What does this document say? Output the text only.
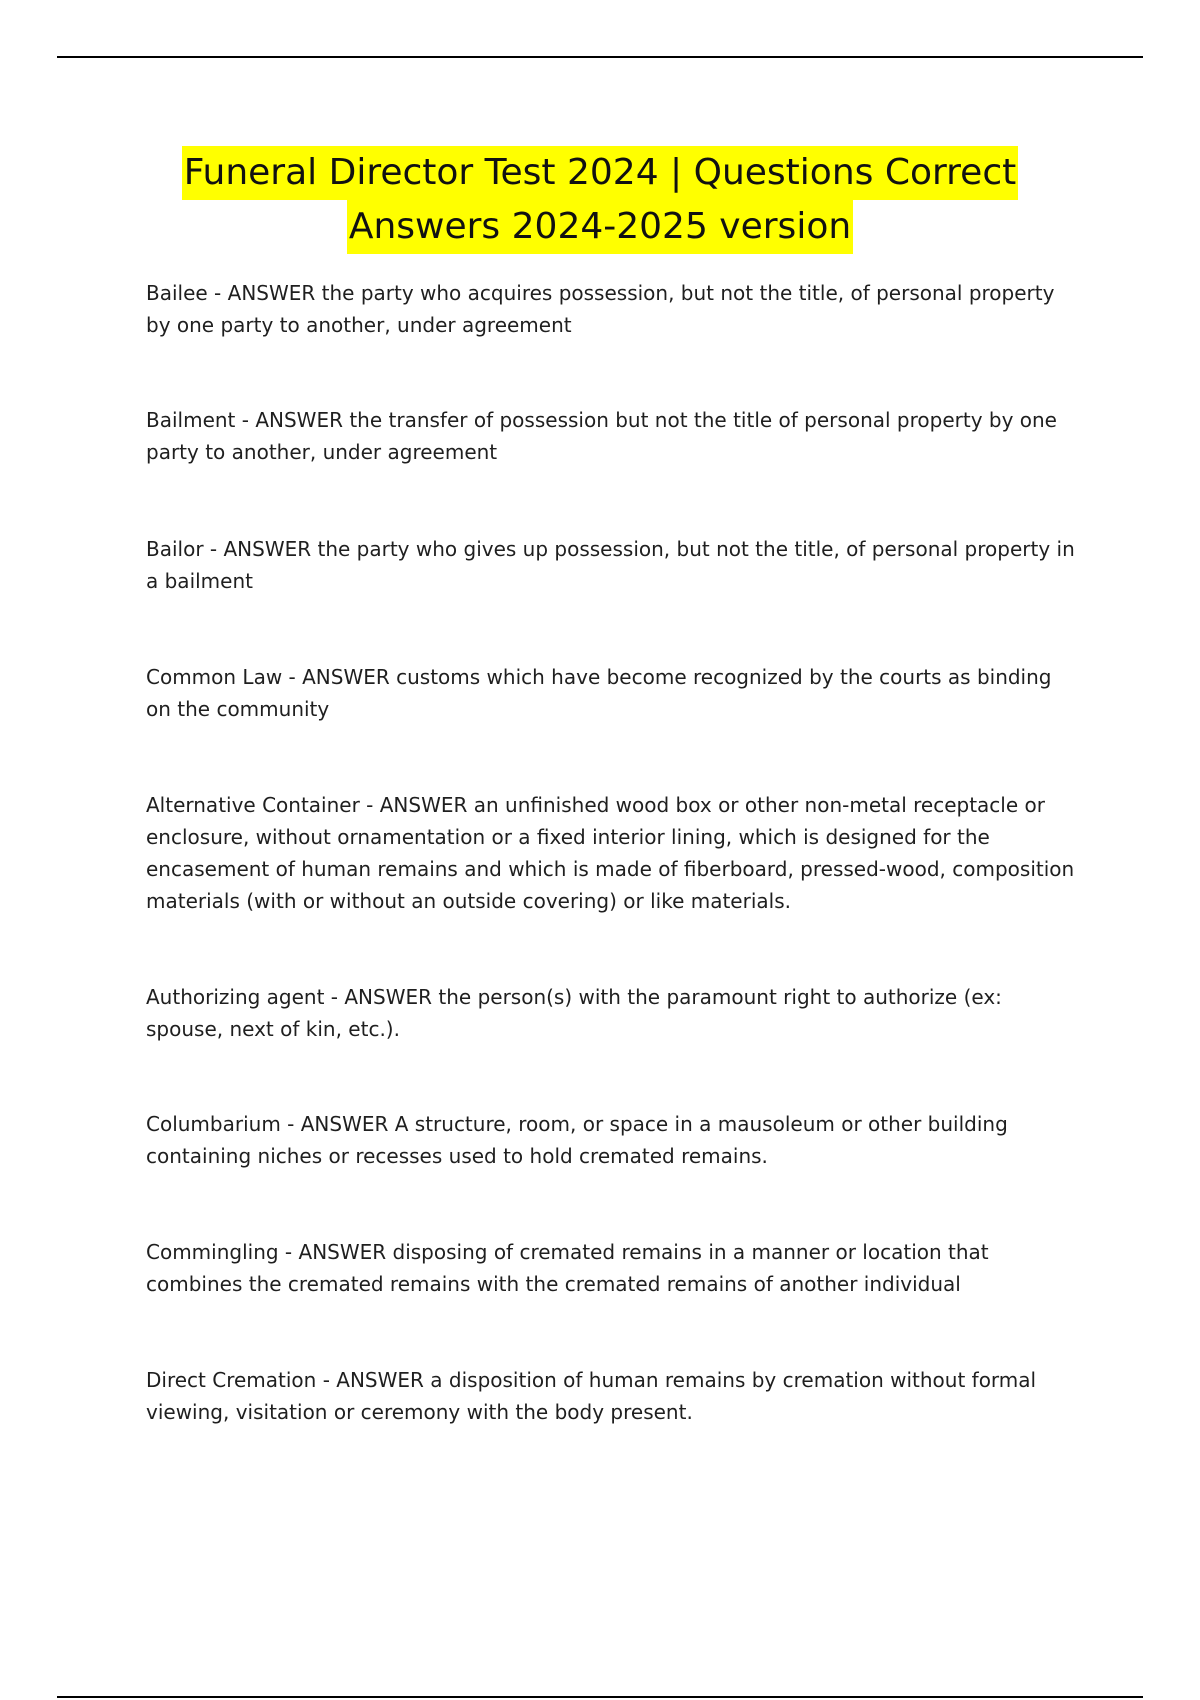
Funeral Director Test 2024 | Questions Correct
Answers 2024-2025 version

Bailee - ANSWER the party who acquires possession, but not the title, of personal property by one party to another, under agreement

Bailment - ANSWER the transfer of possession but not the title of personal property by one party to another, under agreement

Bailor - ANSWER the party who gives up possession, but not the title, of personal property in a bailment

Common Law - ANSWER customs which have become recognized by the courts as binding on the community

Alternative Container - ANSWER an unfinished wood box or other non-metal receptacle or enclosure, without ornamentation or a fixed interior lining, which is designed for the encasement of human remains and which is made of fiberboard, pressed-wood, composition materials (with or without an outside covering) or like materials.

Authorizing agent - ANSWER the person(s) with the paramount right to authorize (ex: spouse, next of kin, etc.).

Columbarium - ANSWER A structure, room, or space in a mausoleum or other building containing niches or recesses used to hold cremated remains.

Commingling - ANSWER disposing of cremated remains in a manner or location that combines the cremated remains with the cremated remains of another individual

Direct Cremation - ANSWER a disposition of human remains by cremation without formal viewing, visitation or ceremony with the body present.
